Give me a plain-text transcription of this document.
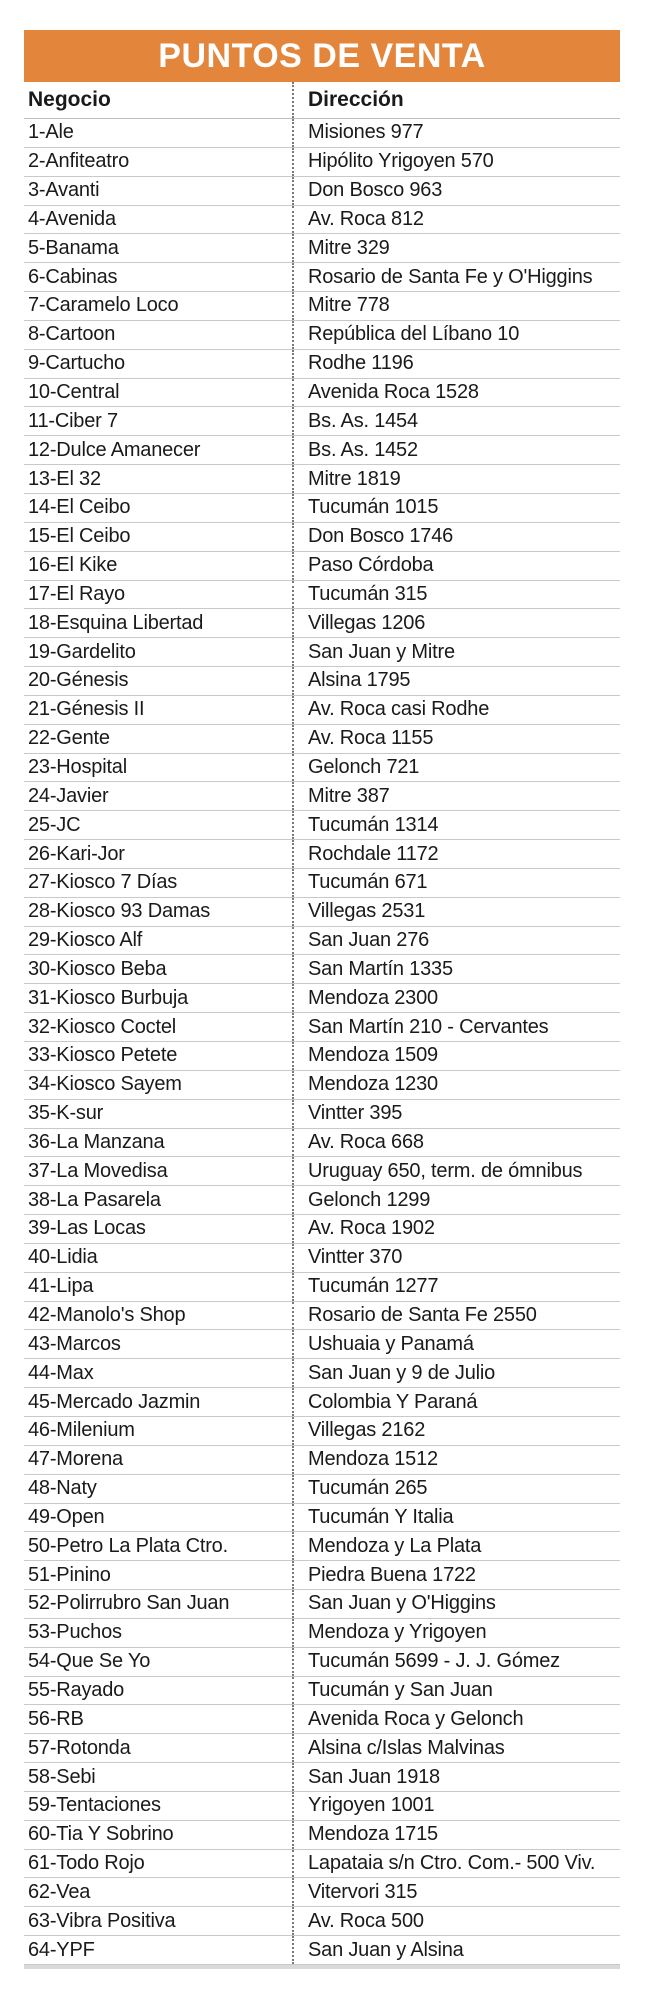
PUNTOS DE VENTA
Negocio	Dirección
1-Ale	Misiones 977
2-Anfiteatro	Hipólito Yrigoyen 570
3-Avanti	Don Bosco 963
4-Avenida	Av. Roca 812
5-Banama	Mitre 329
6-Cabinas	Rosario de Santa Fe y O'Higgins
7-Caramelo Loco	Mitre 778
8-Cartoon	República del Líbano 10
9-Cartucho	Rodhe 1196
10-Central	Avenida Roca 1528
11-Ciber 7	Bs. As. 1454
12-Dulce Amanecer	Bs. As. 1452
13-El 32	Mitre 1819
14-El Ceibo	Tucumán 1015
15-El Ceibo	Don Bosco 1746
16-El Kike	Paso Córdoba
17-El Rayo	Tucumán 315
18-Esquina Libertad	Villegas 1206
19-Gardelito	San Juan y Mitre
20-Génesis	Alsina 1795
21-Génesis II	Av. Roca casi Rodhe
22-Gente	Av. Roca 1155
23-Hospital	Gelonch 721
24-Javier	Mitre 387
25-JC	Tucumán 1314
26-Kari-Jor	Rochdale 1172
27-Kiosco 7 Días	Tucumán 671
28-Kiosco 93 Damas	Villegas 2531
29-Kiosco Alf	San Juan 276
30-Kiosco Beba	San Martín 1335
31-Kiosco Burbuja	Mendoza 2300
32-Kiosco Coctel	San Martín 210 - Cervantes
33-Kiosco Petete	Mendoza 1509
34-Kiosco Sayem	Mendoza 1230
35-K-sur	Vintter 395
36-La Manzana	Av. Roca 668
37-La Movedisa	Uruguay 650, term. de ómnibus
38-La Pasarela	Gelonch 1299
39-Las Locas	Av. Roca 1902
40-Lidia	Vintter 370
41-Lipa	Tucumán 1277
42-Manolo's Shop	Rosario de Santa Fe 2550
43-Marcos	Ushuaia y Panamá
44-Max	San Juan y 9 de Julio
45-Mercado Jazmin	Colombia Y Paraná
46-Milenium	Villegas 2162
47-Morena	Mendoza 1512
48-Naty	Tucumán 265
49-Open	Tucumán Y Italia
50-Petro La Plata Ctro.	Mendoza y La Plata
51-Pinino	Piedra Buena 1722
52-Polirrubro San Juan	San Juan y O'Higgins
53-Puchos	Mendoza y Yrigoyen
54-Que Se Yo	Tucumán 5699 - J. J. Gómez
55-Rayado	Tucumán y San Juan
56-RB	Avenida Roca y Gelonch
57-Rotonda	Alsina c/Islas Malvinas
58-Sebi	San Juan 1918
59-Tentaciones	Yrigoyen 1001
60-Tia Y Sobrino	Mendoza 1715
61-Todo Rojo	Lapataia s/n Ctro. Com.- 500 Viv.
62-Vea	Vitervori 315
63-Vibra Positiva	Av. Roca 500
64-YPF	San Juan y Alsina
